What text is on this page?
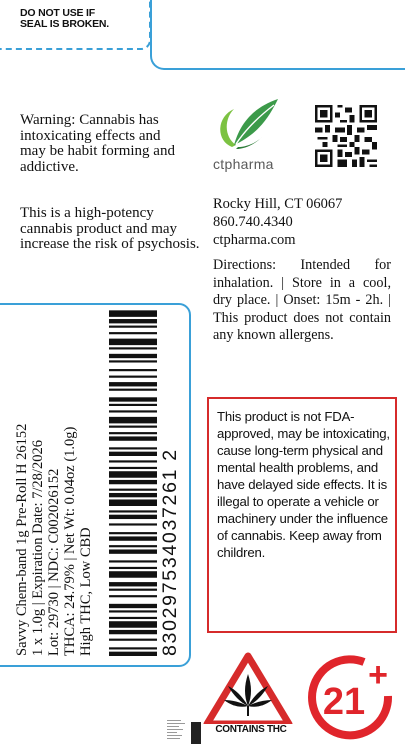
DO NOT USE IF
SEAL IS BROKEN.
Warning: Cannabis has intoxicating effects and may be habit forming and addictive.
This is a high-potency cannabis product and may increase the risk of psychosis.
ctpharma
Rocky Hill, CT 06067
860.740.4340
ctpharma.com
Directions: Intended for inhalation. | Store in a cool, dry place. | Onset: 15m - 2h. | This product does not contain any known allergens.
This product is not FDA-approved, may be intoxicating, cause long-term physical and mental health problems, and have delayed side effects. It is illegal to operate a vehicle or machinery under the influence of cannabis. Keep away from children.
Savvy Chem-band 1g Pre-Roll H 26152 1 x 1.0g | Expiration Date: 7/28/2026 Lot: 29730 | NDC: C002026152 THCA: 24.79% | Net Wt: 0.04oz (1.0g) High THC, Low CBD	830297534037261 2
CONTAINS THC
21
+
